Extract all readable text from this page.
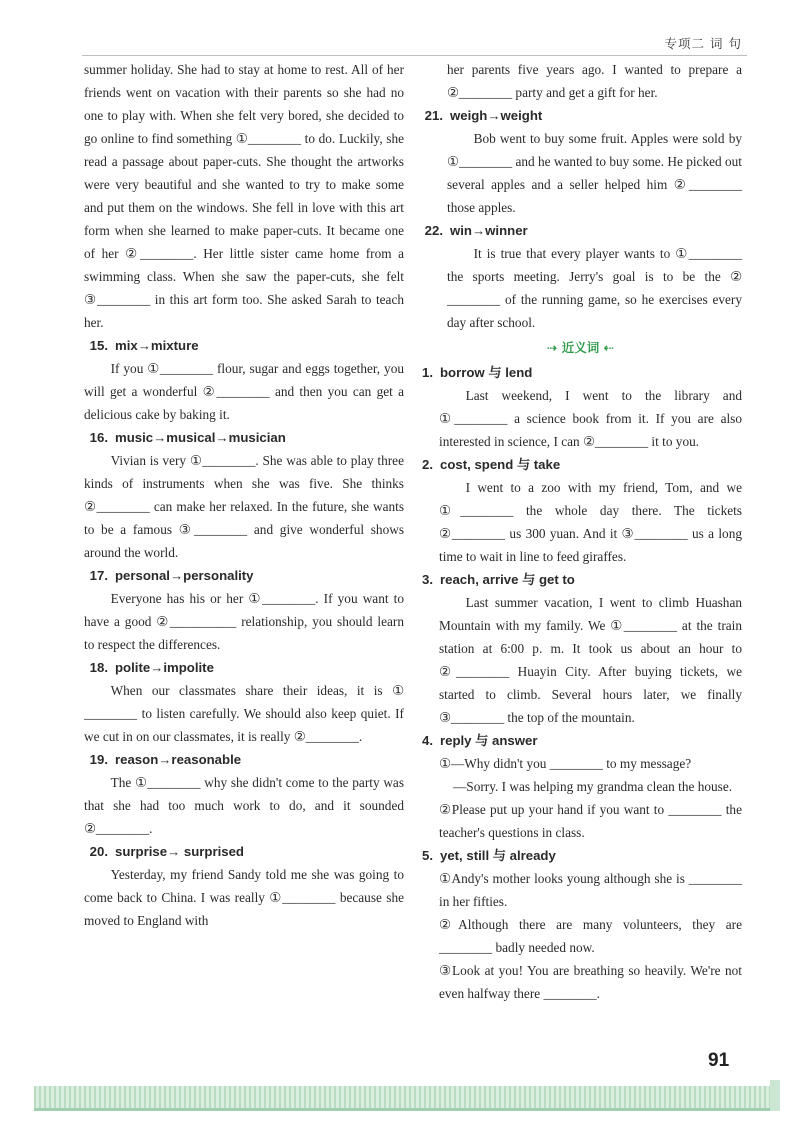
专项二 词 句

summer holiday. She had to stay at home to rest. All of her friends went on vacation with their parents so she had no one to play with. When she felt very bored, she decided to go online to find something ①________ to do. Luckily, she read a passage about paper-cuts. She thought the artworks were very beautiful and she wanted to try to make some and put them on the windows. She fell in love with this art form when she learned to make paper-cuts. It became one of her ②________. Her little sister came home from a swimming class. When she saw the paper-cuts, she felt ③________ in this art form too. She asked Sarah to teach her.

15. mix→mixture

If you ①________ flour, sugar and eggs together, you will get a wonderful ②________ and then you can get a delicious cake by baking it.

16. music→musical→musician

Vivian is very ①________. She was able to play three kinds of instruments when she was five. She thinks ②________ can make her relaxed. In the future, she wants to be a famous ③________ and give wonderful shows around the world.

17. personal→personality

Everyone has his or her ①________. If you want to have a good ②__________ relationship, you should learn to respect the differences.

18. polite→impolite

When our classmates share their ideas, it is ① ________ to listen carefully. We should also keep quiet. If we cut in on our classmates, it is really ②________.

19. reason→reasonable

The ①________ why she didn't come to the party was that she had too much work to do, and it sounded ②________.

20. surprise→ surprised

Yesterday, my friend Sandy told me she was going to come back to China. I was really ①________ because she moved to England with

her parents five years ago. I wanted to prepare a ②________ party and get a gift for her.

21. weigh→weight

Bob went to buy some fruit. Apples were sold by ①________ and he wanted to buy some. He picked out several apples and a seller helped him ②________ those apples.

22. win→winner

It is true that every player wants to ①________ the sports meeting. Jerry's goal is to be the ② ________ of the running game, so he exercises every day after school.

⇢ 近义词 ⇠

1. borrow 与 lend

Last weekend, I went to the library and ①________ a science book from it. If you are also interested in science, I can ②________ it to you.

2. cost, spend 与 take

I went to a zoo with my friend, Tom, and we ①________ the whole day there. The tickets ②________ us 300 yuan. And it ③________ us a long time to wait in line to feed giraffes.

3. reach, arrive 与 get to

Last summer vacation, I went to climb Huashan Mountain with my family. We ①________ at the train station at 6:00 p. m. It took us about an hour to ②________ Huayin City. After buying tickets, we started to climb. Several hours later, we finally ③________ the top of the mountain.

4. reply 与 answer

①—Why didn't you ________ to my message?

—Sorry. I was helping my grandma clean the house.

②Please put up your hand if you want to ________ the teacher's questions in class.

5. yet, still 与 already

①Andy's mother looks young although she is ________ in her fifties.

②Although there are many volunteers, they are ________ badly needed now.

③Look at you! You are breathing so heavily. We're not even halfway there ________.

91
